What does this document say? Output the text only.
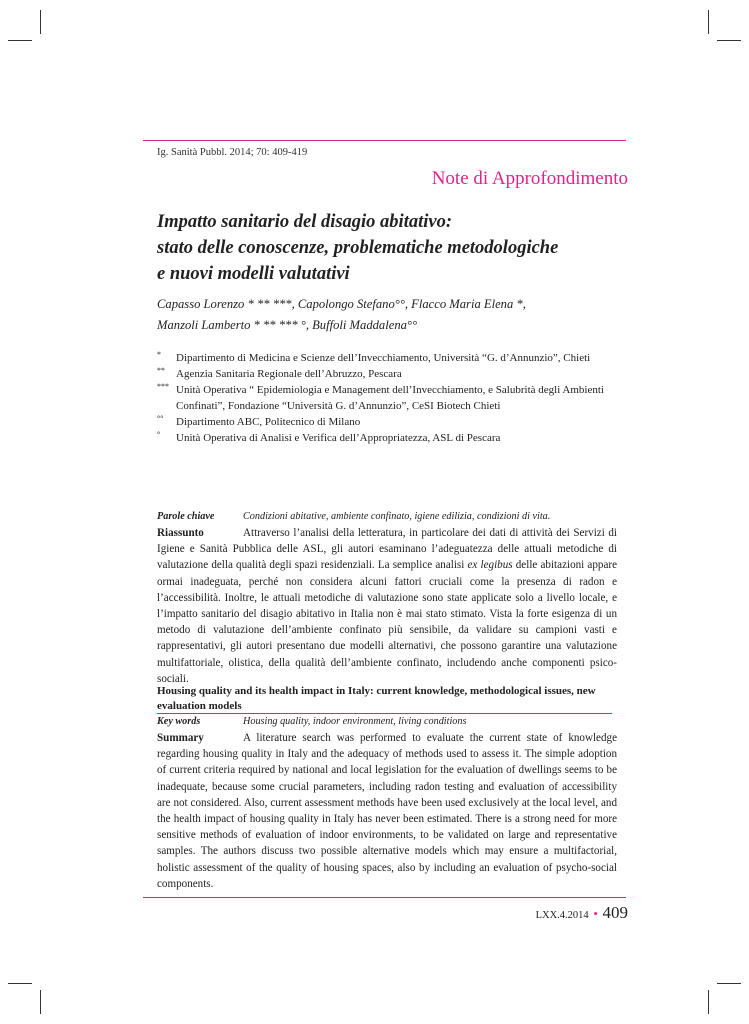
Ig. Sanità Pubbl. 2014; 70: 409-419
Note di Approfondimento
Impatto sanitario del disagio abitativo:
stato delle conoscenze, problematiche metodologiche
e nuovi modelli valutativi
Capasso Lorenzo * ** ***, Capolongo Stefano°°, Flacco Maria Elena *,
Manzoli Lamberto * ** *** °, Buffoli Maddalena°°
* Dipartimento di Medicina e Scienze dell’Invecchiamento, Università “G. d’Annunzio”, Chieti
** Agenzia Sanitaria Regionale dell’Abruzzo, Pescara
*** Unità Operativa “ Epidemiologia e Management dell’Invecchiamento, e Salubrità degli Ambienti Confinati”, Fondazione “Università G. d’Annunzio”, CeSI Biotech Chieti
°° Dipartimento ABC, Politecnico di Milano
° Unità Operativa di Analisi e Verifica dell’Appropriatezza, ASL di Pescara
Parole chiave	Condizioni abitative, ambiente confinato, igiene edilizia, condizioni di vita.
Riassunto	Attraverso l’analisi della letteratura, in particolare dei dati di attività dei Servizi di Igiene e Sanità Pubblica delle ASL, gli autori esaminano l’adeguatezza delle attuali metodiche di valutazione della qualità degli spazi residenziali. La semplice analisi ex legibus delle abitazioni appare ormai inadeguata, perché non considera alcuni fattori cruciali come la presenza di radon e l’accessibilità. Inoltre, le attuali metodiche di valutazione sono state applicate solo a livello locale, e l’impatto sanitario del disagio abitativo in Italia non è mai stato stimato. Vista la forte esigenza di un metodo di valutazione dell’ambiente confinato più sensibile, da validare su campioni vasti e rappresentativi, gli autori presentano due modelli alternativi, che possono garantire una valutazione multifattoriale, olistica, della qualità dell’ambiente confinato, includendo anche componenti psico-sociali.
Housing quality and its health impact in Italy: current knowledge, methodological issues, new evaluation models
Key words	Housing quality, indoor environment, living conditions
Summary	A literature search was performed to evaluate the current state of knowledge regarding housing quality in Italy and the adequacy of methods used to assess it. The simple adoption of current criteria required by national and local legislation for the evaluation of dwellings seems to be inadequate, because some crucial parameters, including radon testing and evaluation of accessibility are not considered. Also, current assessment methods have been used exclusively at the local level, and the health impact of housing quality in Italy has never been estimated. There is a strong need for more sensitive methods of evaluation of indoor environments, to be validated on large and representative samples. The authors discuss two possible alternative models which may ensure a multifactorial, holistic assessment of the quality of housing spaces, also by including an evaluation of psycho-social components.
LXX.4.2014 • 409
